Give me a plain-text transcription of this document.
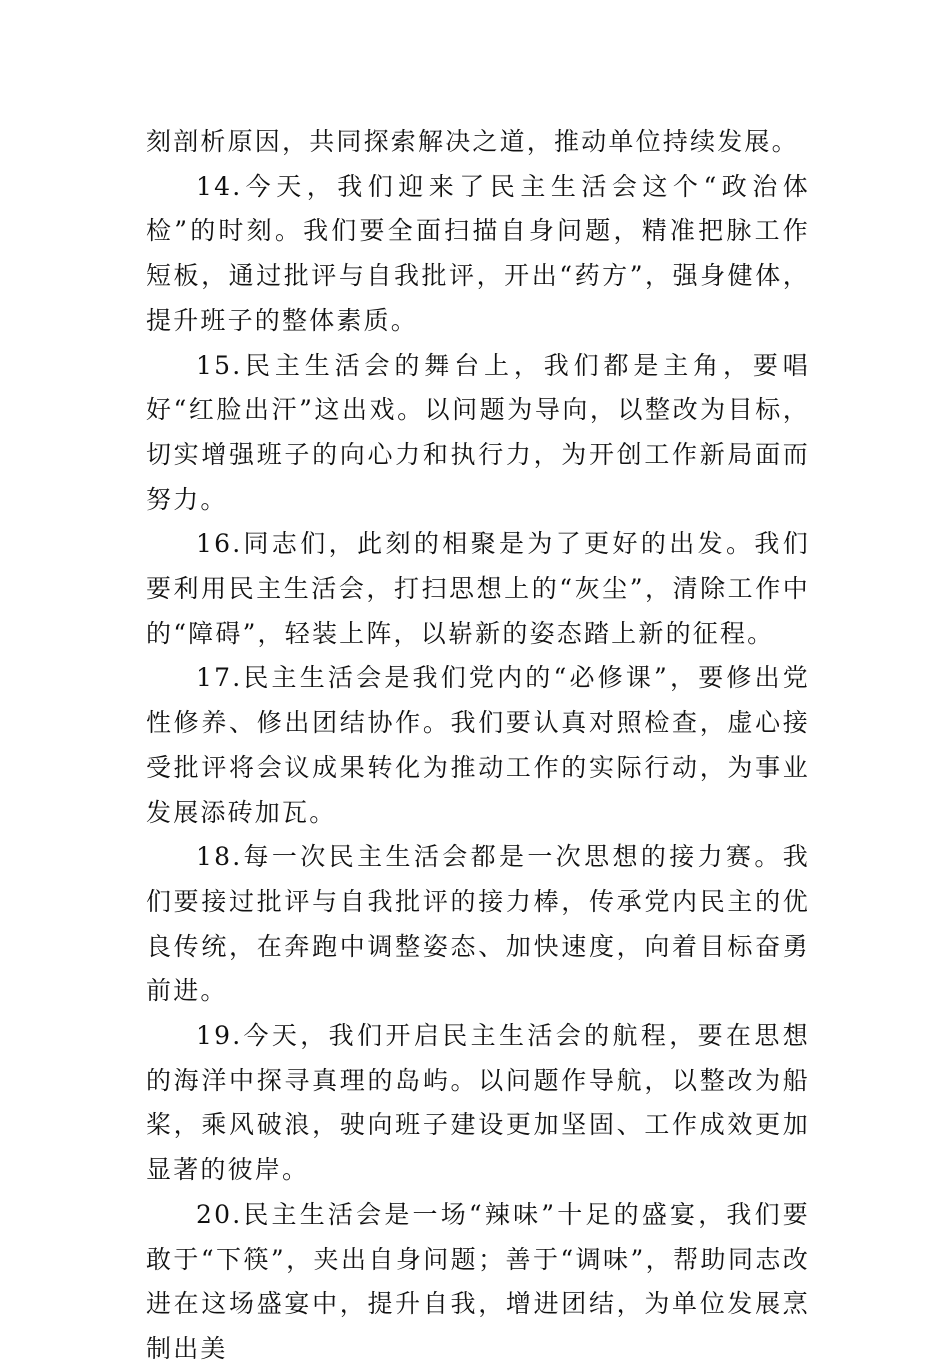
刻剖析原因，共同探索解决之道，推动单位持续发展。

14.今天，我们迎来了民主生活会这个“政治体检”的时刻。我们要全面扫描自身问题，精准把脉工作短板，通过批评与自我批评，开出“药方”，强身健体，提升班子的整体素质。

15.民主生活会的舞台上，我们都是主角，要唱好“红脸出汗”这出戏。以问题为导向，以整改为目标，切实增强班子的向心力和执行力，为开创工作新局面而努力。

16.同志们，此刻的相聚是为了更好的出发。我们要利用民主生活会，打扫思想上的“灰尘”，清除工作中的“障碍”，轻装上阵，以崭新的姿态踏上新的征程。

17.民主生活会是我们党内的“必修课”，要修出党性修养、修出团结协作。我们要认真对照检查，虚心接受批评将会议成果转化为推动工作的实际行动，为事业发展添砖加瓦。

18.每一次民主生活会都是一次思想的接力赛。我们要接过批评与自我批评的接力棒，传承党内民主的优良传统，在奔跑中调整姿态、加快速度，向着目标奋勇前进。

19.今天，我们开启民主生活会的航程，要在思想的海洋中探寻真理的岛屿。以问题作导航，以整改为船桨，乘风破浪，驶向班子建设更加坚固、工作成效更加显著的彼岸。

20.民主生活会是一场“辣味”十足的盛宴，我们要敢于“下筷”，夹出自身问题；善于“调味”，帮助同志改进在这场盛宴中，提升自我，增进团结，为单位发展烹制出美
